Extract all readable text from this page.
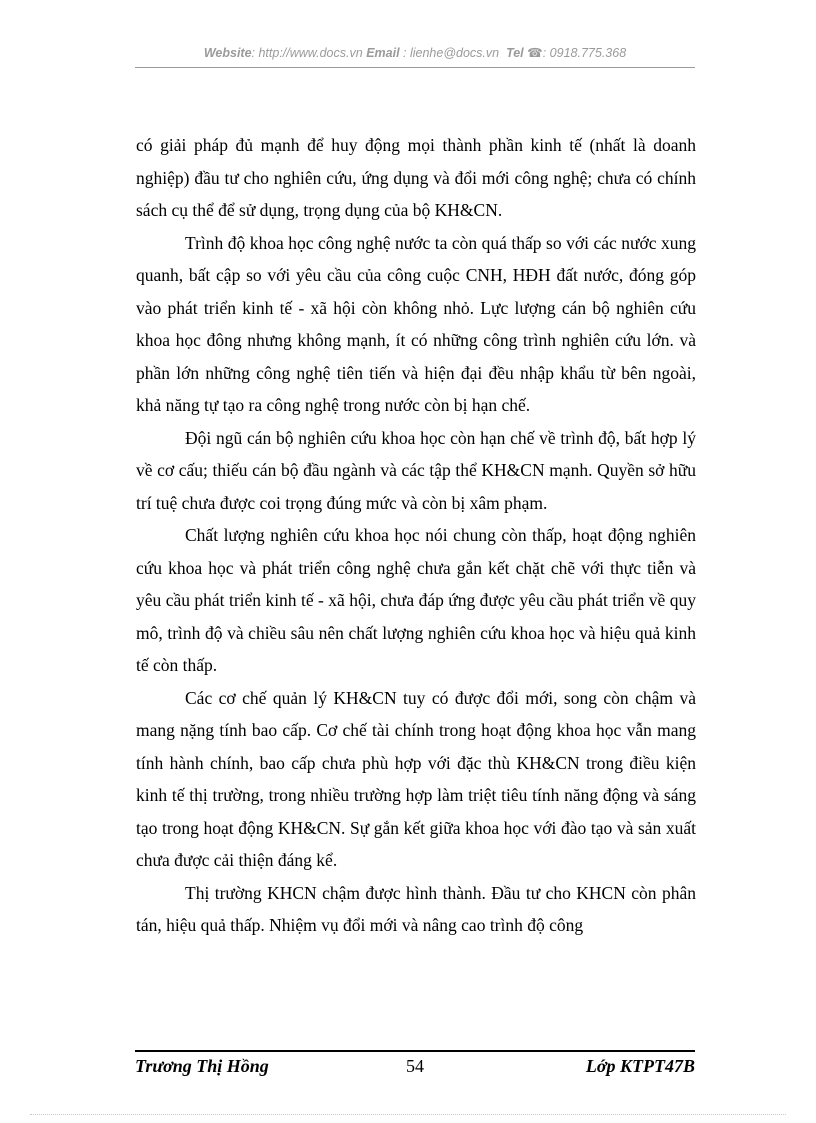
Website: http://www.docs.vn Email : lienhe@docs.vn Tel ☎: 0918.775.368

có giải pháp đủ mạnh để huy động mọi thành phần kinh tế (nhất là doanh nghiệp) đầu tư cho nghiên cứu, ứng dụng và đổi mới công nghệ; chưa có chính sách cụ thể để sử dụng, trọng dụng của bộ KH&CN.

Trình độ khoa học công nghệ nước ta còn quá thấp so với các nước xung quanh, bất cập so với yêu cầu của công cuộc CNH, HĐH đất nước, đóng góp vào phát triển kinh tế - xã hội còn không nhỏ. Lực lượng cán bộ nghiên cứu khoa học đông nhưng không mạnh, ít có những công trình nghiên cứu lớn. và phần lớn những công nghệ tiên tiến và hiện đại đều nhập khẩu từ bên ngoài, khả năng tự tạo ra công nghệ trong nước còn bị hạn chế.

Đội ngũ cán bộ nghiên cứu khoa học còn hạn chế về trình độ, bất hợp lý về cơ cấu; thiếu cán bộ đầu ngành và các tập thể KH&CN mạnh. Quyền sở hữu trí tuệ chưa được coi trọng đúng mức và còn bị xâm phạm.

Chất lượng nghiên cứu khoa học nói chung còn thấp, hoạt động nghiên cứu khoa học và phát triển công nghệ chưa gắn kết chặt chẽ với thực tiễn và yêu cầu phát triển kinh tế - xã hội, chưa đáp ứng được yêu cầu phát triển về quy mô, trình độ và chiều sâu nên chất lượng nghiên cứu khoa học và hiệu quả kinh tế còn thấp.

Các cơ chế quản lý KH&CN tuy có được đổi mới, song còn chậm và mang nặng tính bao cấp. Cơ chế tài chính trong hoạt động khoa học vẫn mang tính hành chính, bao cấp chưa phù hợp với đặc thù KH&CN trong điều kiện kinh tế thị trường, trong nhiều trường hợp làm triệt tiêu tính năng động và sáng tạo trong hoạt động KH&CN. Sự gắn kết giữa khoa học với đào tạo và sản xuất chưa được cải thiện đáng kể.

Thị trường KHCN chậm được hình thành. Đầu tư cho KHCN còn phân tán, hiệu quả thấp. Nhiệm vụ đổi mới và nâng cao trình độ công

Trương Thị Hồng	54	Lớp KTPT47B
